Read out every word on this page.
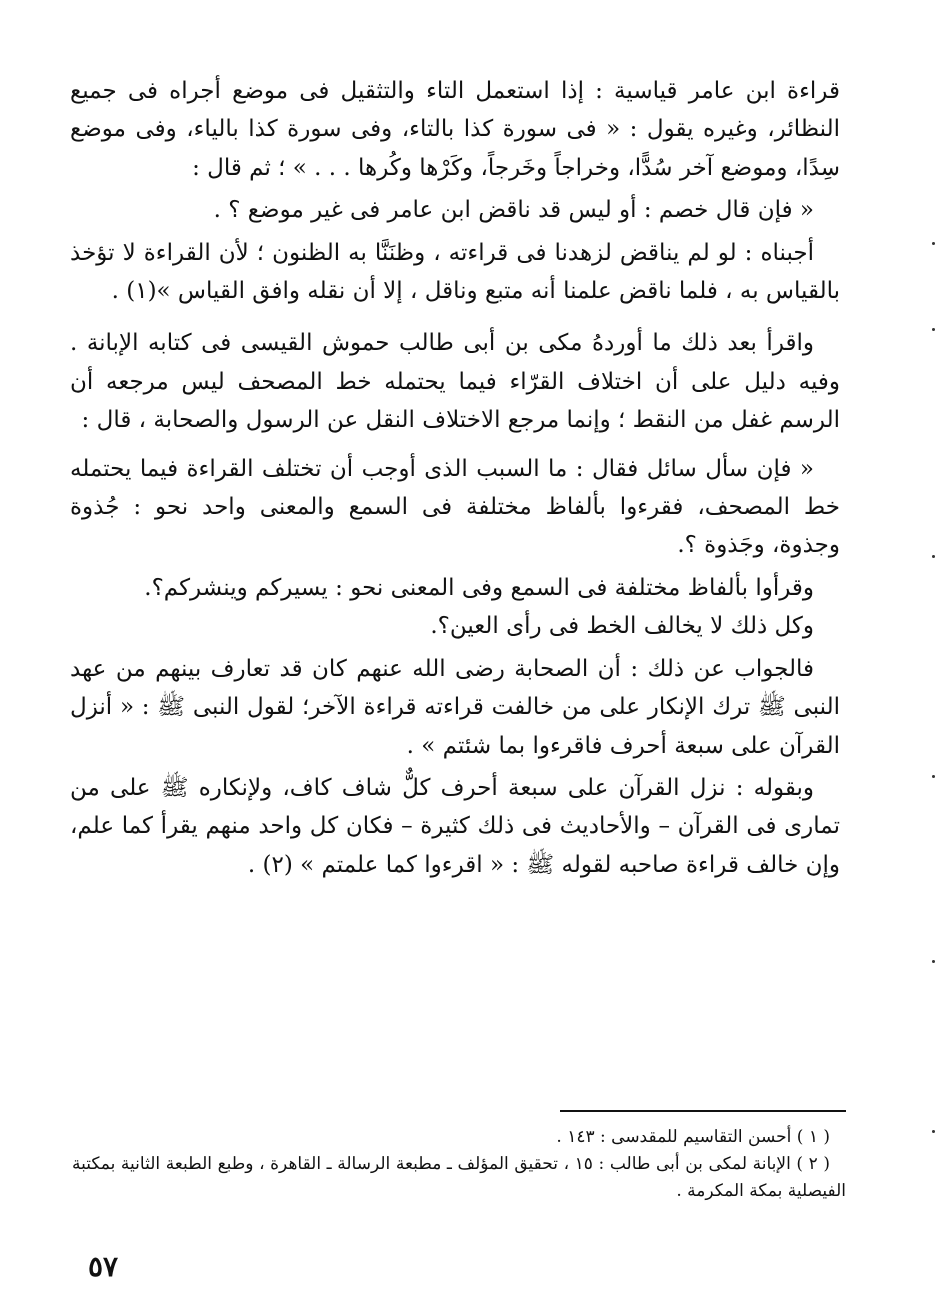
قراءة ابن عامر قياسية : إذا استعمل التاء والتثقيل فى موضع أجراه فى جميع النظائر، وغيره يقول : « فى سورة كذا بالتاء، وفى سورة كذا بالياء، وفى موضع سِدًا، وموضع آخر سُدًّا، وخراجاً وخَرجاً، وكَرْها وكُرها . . . » ؛ ثم قال :

« فإن قال خصم : أو ليس قد ناقض ابن عامر فى غير موضع ؟ .

أجبناه : لو لم يناقض لزهدنا فى قراءته ، وظنَنَّا به الظنون ؛ لأن القراءة لا تؤخذ بالقياس به ، فلما ناقض علمنا أنه متبع وناقل ، إلا أن نقله وافق القياس »(١) .

واقرأ بعد ذلك ما أوردهُ مكى بن أبى طالب حموش القيسى فى كتابه الإبانة . وفيه دليل على أن اختلاف القرّاء فيما يحتمله خط المصحف ليس مرجعه أن الرسم غفل من النقط ؛ وإنما مرجع الاختلاف النقل عن الرسول والصحابة ، قال :

« فإن سأل سائل فقال : ما السبب الذى أوجب أن تختلف القراءة فيما يحتمله خط المصحف، فقرءوا بألفاظ مختلفة فى السمع والمعنى واحد نحو : جُذوة وجذوة، وجَذوة ؟.

وقرأوا بألفاظ مختلفة فى السمع وفى المعنى نحو : يسيركم وينشركم؟.

وكل ذلك لا يخالف الخط فى رأى العين؟.

فالجواب عن ذلك : أن الصحابة رضى الله عنهم كان قد تعارف بينهم من عهد النبى ﷺ ترك الإنكار على من خالفت قراءته قراءة الآخر؛ لقول النبى ﷺ : « أنزل القرآن على سبعة أحرف فاقرءوا بما شئتم » .

وبقوله : نزل القرآن على سبعة أحرف كلٌّ شاف كاف، ولإنكاره ﷺ على من تمارى فى القرآن – والأحاديث فى ذلك كثيرة – فكان كل واحد منهم يقرأ كما علم، وإن خالف قراءة صاحبه لقوله ﷺ : « اقرءوا كما علمتم » (٢) .

( ١ ) أحسن التقاسيم للمقدسى : ١٤٣ .

( ٢ ) الإبانة لمكى بن أبى طالب : ١٥ ، تحقيق المؤلف ـ مطبعة الرسالة ـ القاهرة ، وطبع الطبعة الثانية بمكتبة الفيصلية بمكة المكرمة .

٥٧
